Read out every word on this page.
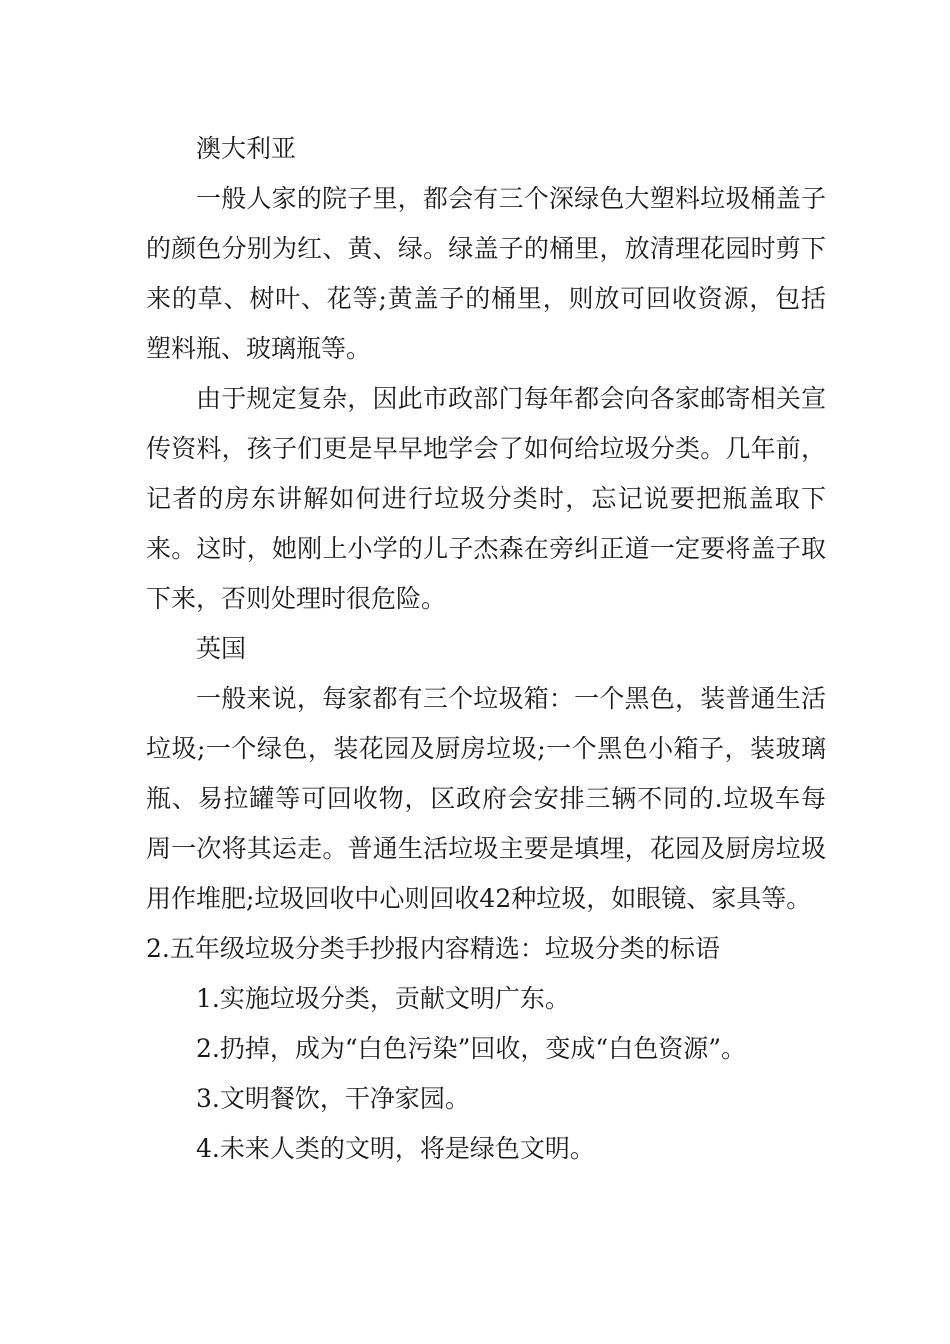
澳大利亚

一般人家的院子里，都会有三个深绿色大塑料垃圾桶盖子的颜色分别为红、黄、绿。绿盖子的桶里，放清理花园时剪下来的草、树叶、花等;黄盖子的桶里，则放可回收资源，包括塑料瓶、玻璃瓶等。

由于规定复杂，因此市政部门每年都会向各家邮寄相关宣传资料，孩子们更是早早地学会了如何给垃圾分类。几年前，记者的房东讲解如何进行垃圾分类时，忘记说要把瓶盖取下来。这时，她刚上小学的儿子杰森在旁纠正道一定要将盖子取下来，否则处理时很危险。

英国

一般来说，每家都有三个垃圾箱：一个黑色，装普通生活垃圾;一个绿色，装花园及厨房垃圾;一个黑色小箱子，装玻璃瓶、易拉罐等可回收物，区政府会安排三辆不同的.垃圾车每周一次将其运走。普通生活垃圾主要是填埋，花园及厨房垃圾用作堆肥;垃圾回收中心则回收42种垃圾，如眼镜、家具等。

2.五年级垃圾分类手抄报内容精选：垃圾分类的标语

1.实施垃圾分类，贡献文明广东。

2.扔掉，成为“白色污染”回收，变成“白色资源”。

3.文明餐饮，干净家园。

4.未来人类的文明，将是绿色文明。
